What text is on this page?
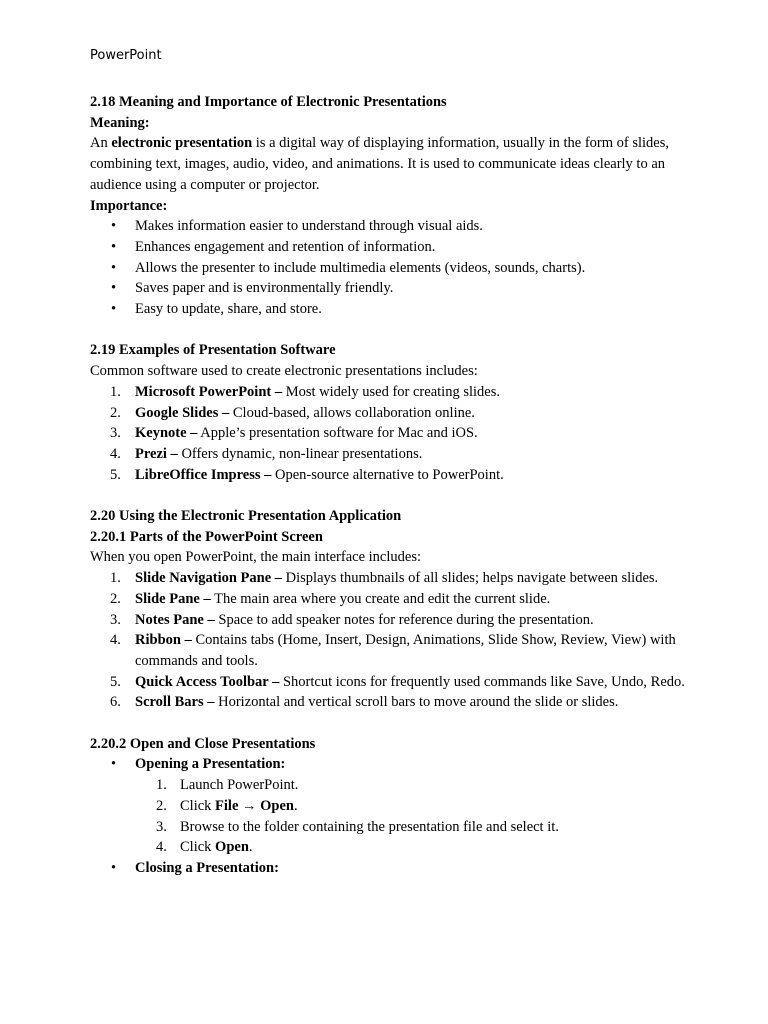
PowerPoint

2.18 Meaning and Importance of Electronic Presentations

Meaning:

An electronic presentation is a digital way of displaying information, usually in the form of slides, combining text, images, audio, video, and animations. It is used to communicate ideas clearly to an audience using a computer or projector.

Importance:

• Makes information easier to understand through visual aids.
• Enhances engagement and retention of information.
• Allows the presenter to include multimedia elements (videos, sounds, charts).
• Saves paper and is environmentally friendly.
• Easy to update, share, and store.

2.19 Examples of Presentation Software

Common software used to create electronic presentations includes:

1. Microsoft PowerPoint – Most widely used for creating slides.
2. Google Slides – Cloud-based, allows collaboration online.
3. Keynote – Apple’s presentation software for Mac and iOS.
4. Prezi – Offers dynamic, non-linear presentations.
5. LibreOffice Impress – Open-source alternative to PowerPoint.

2.20 Using the Electronic Presentation Application

2.20.1 Parts of the PowerPoint Screen

When you open PowerPoint, the main interface includes:

1. Slide Navigation Pane – Displays thumbnails of all slides; helps navigate between slides.
2. Slide Pane – The main area where you create and edit the current slide.
3. Notes Pane – Space to add speaker notes for reference during the presentation.
4. Ribbon – Contains tabs (Home, Insert, Design, Animations, Slide Show, Review, View) with commands and tools.
5. Quick Access Toolbar – Shortcut icons for frequently used commands like Save, Undo, Redo.
6. Scroll Bars – Horizontal and vertical scroll bars to move around the slide or slides.

2.20.2 Open and Close Presentations

• Opening a Presentation:
1. Launch PowerPoint.
2. Click File → Open.
3. Browse to the folder containing the presentation file and select it.
4. Click Open.
• Closing a Presentation:
